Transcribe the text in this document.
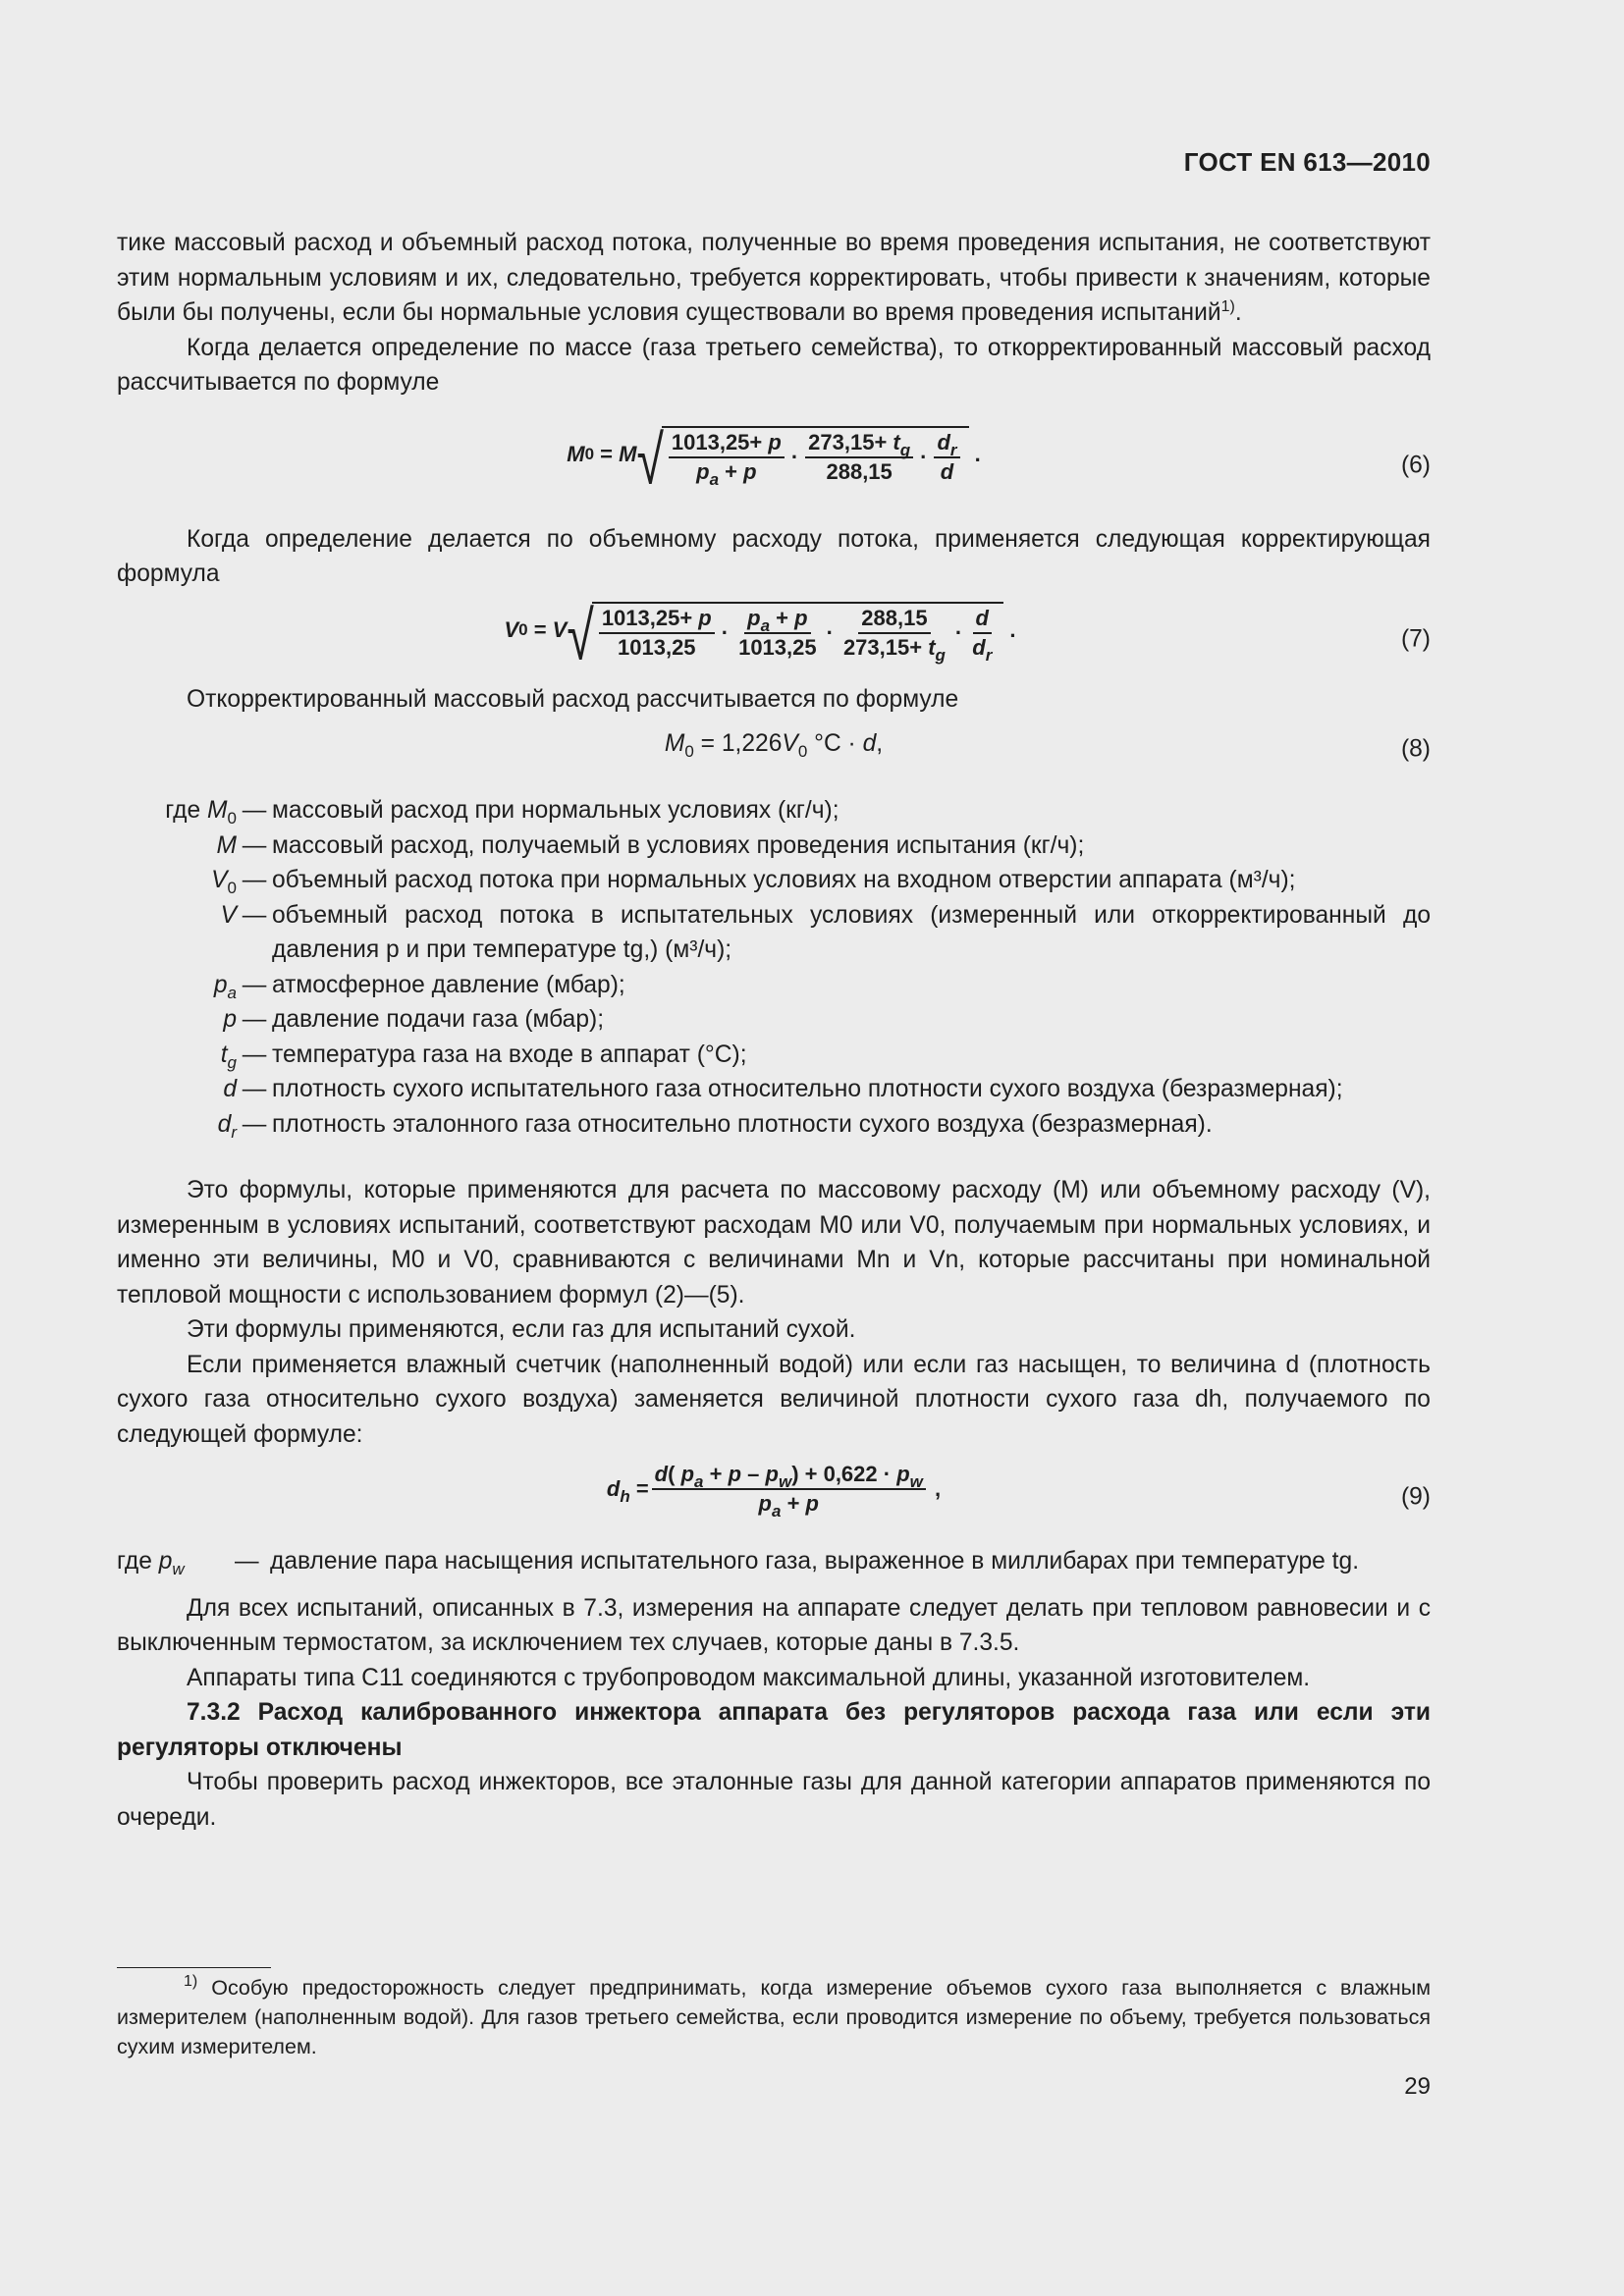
ГОСТ EN 613—2010

тике массовый расход и объемный расход потока, полученные во время проведения испытания, не соответствуют этим нормальным условиям и их, следовательно, требуется корректировать, чтобы привести к значениям, которые были бы получены, если бы нормальные условия существовали во время проведения испытаний$^{1)}$.

Когда делается определение по массе (газа третьего семейства), то откорректированный массовый расход рассчитывается по формуле

M 0 = M √ $\frac{1013,25+ p}{p_a + p} \cdot \frac{273,15+ t_g}{288,15} \cdot \frac{d_r}{d}$ .	(6)

Когда определение делается по объемному расходу потока, применяется следующая корректирующая формула

V 0 = V √ $\frac{1013,25+ p}{1013,25} \cdot \frac{p_a + p}{1013,25} \cdot \frac{288,15}{273,15+ t_g} \cdot \frac{d}{d_r}$ .	(7)

Откорректированный массовый расход рассчитывается по формуле

$M_0 = 1,226V_0$ °С · d,	(8)
где $M_0$ — массовый расход при нормальных условиях (кг/ч);
M — массовый расход, получаемый в условиях проведения испытания (кг/ч);
$V_0$ — объемный расход потока при нормальных условиях на входном отверстии аппарата (м³/ч);
V — объемный расход потока в испытательных условиях (измеренный или откорректированный до давления p и при температуре tg,) (м³/ч);
$p_a$ — атмосферное давление (мбар);
p — давление подачи газа (мбар);
$t_g$ — температура газа на входе в аппарат (°С);
d — плотность сухого испытательного газа относительно плотности сухого воздуха (безразмерная);
$d_r$ — плотность эталонного газа относительно плотности сухого воздуха (безразмерная).

Это формулы, которые применяются для расчета по массовому расходу (M) или объемному расходу (V), измеренным в условиях испытаний, соответствуют расходам M0 или V0, получаемым при нормальных условиях, и именно эти величины, M0 и V0, сравниваются с величинами Mn и Vn, которые рассчитаны при номинальной тепловой мощности с использованием формул (2)—(5).

Эти формулы применяются, если газ для испытаний сухой.

Если применяется влажный счетчик (наполненный водой) или если газ насыщен, то величина d (плотность сухого газа относительно сухого воздуха) заменяется величиной плотности сухого газа dh, получаемого по следующей формуле:

$d_h = \frac{d( p_a + p - p_w) + 0,622 \cdot p_w}{p_a + p}$ ,	(9)
где $p_w$	— давление пара насыщения испытательного газа, выраженное в миллибарах при температуре tg.

Для всех испытаний, описанных в 7.3, измерения на аппарате следует делать при тепловом равновесии и с выключенным термостатом, за исключением тех случаев, которые даны в 7.3.5.

Аппараты типа С11 соединяются с трубопроводом максимальной длины, указанной изготовителем.

7.3.2 Расход калиброванного инжектора аппарата без регуляторов расхода газа или если эти регуляторы отключены

Чтобы проверить расход инжекторов, все эталонные газы для данной категории аппаратов применяются по очереди.

$^{1)}$ Особую предосторожность следует предпринимать, когда измерение объемов сухого газа выполняется с влажным измерителем (наполненным водой). Для газов третьего семейства, если проводится измерение по объему, требуется пользоваться сухим измерителем.
29
